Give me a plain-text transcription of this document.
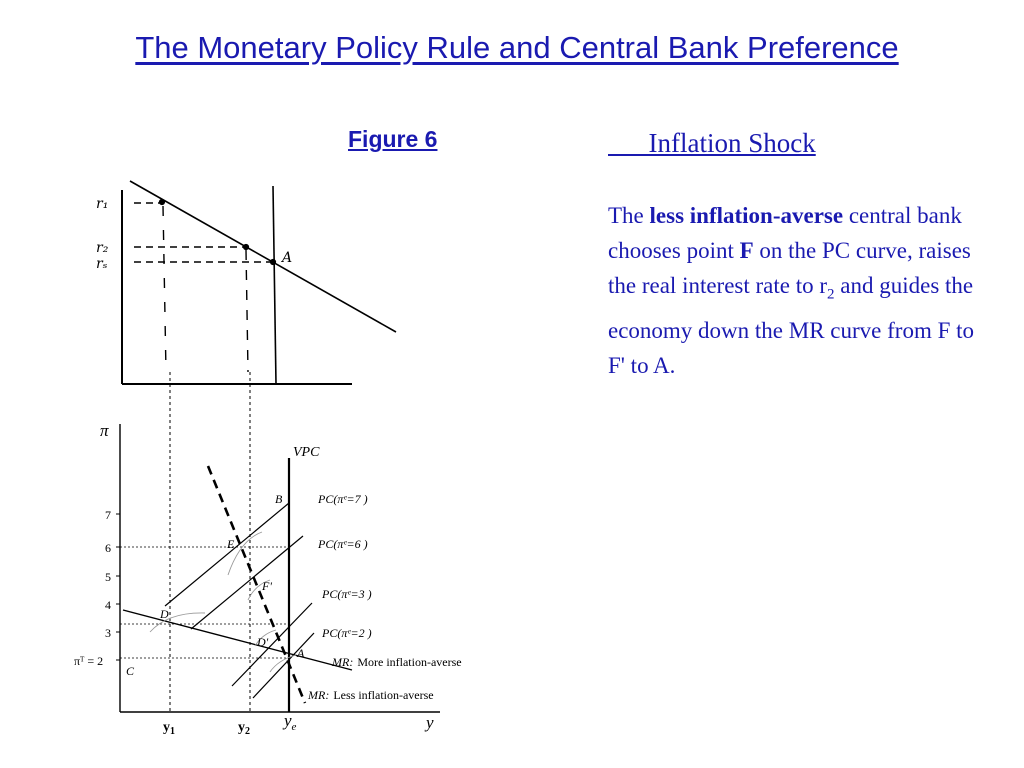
The Monetary Policy Rule and Central Bank Preference
Figure 6	Inflation Shock
The less inflation-averse central bank chooses point F on the PC curve, raises the real interest rate to $r_2$ and guides the economy down the MR curve from F to F' to A.
r₁
r₂
rₛ	A
π
y
$y_e$
VPC
7
6
5
4
3
πᵀ = 2
B
E
F'
D
D'
A
C
PC(πᵉ=7 )
PC(πᵉ=6 )
PC(πᵉ=3 )
PC(πᵉ=2 )
MR: More inflation-averse
MR: Less inflation-averse
$y_1$	$y_2$
